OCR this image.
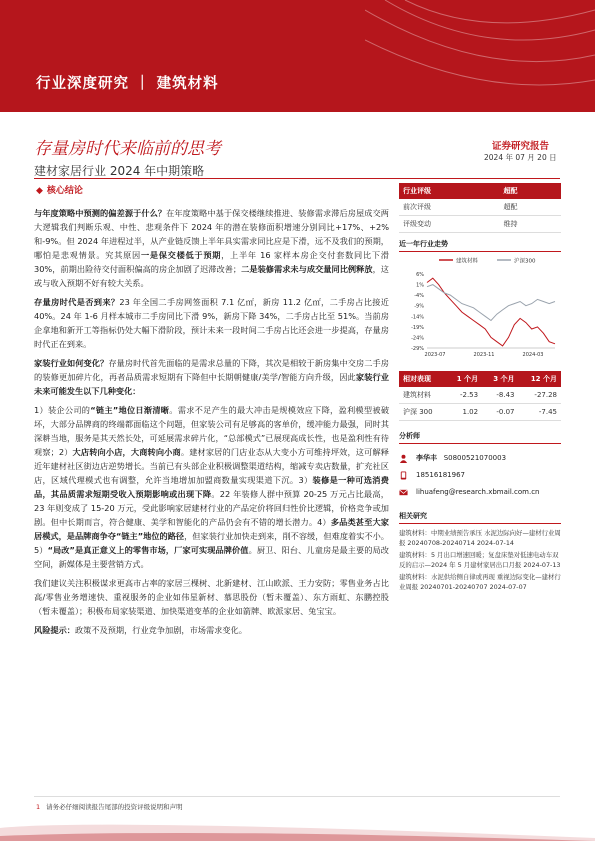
行业深度研究 ｜ 建筑材料
存量房时代来临前的思考
建材家居行业 2024 年中期策略
证券研究报告
2024 年 07 月 20 日
◆ 核心结论

与年度策略中预测的偏差源于什么？在年度策略中基于保交楼继续推进、装修需求滞后房屋成交两大逻辑我们判断乐观、中性、悲观条件下 2024 年的潜在装修面积增速分别同比+17%、+2%和-9%。但 2024 年进程过半，从产业链反馈上半年具实需求同比应是下滑，远不及我们的预期，哪怕是悲观情景。究其原因一是保交楼低于预期，上半年 16 家样本房企交付套数同比下滑 30%，前期出险待交付面积偏高的房企加剧了迟滞改善；二是装修需求未与成交量同比例释放，这或与收入预期不好有较大关系。

存量房时代是否到来？23 年全国二手房网签面积 7.1 亿㎡，新房 11.2 亿㎡，二手房占比接近 40%。24 年 1-6 月样本城市二手房同比下滑 9%，新房下降 34%，二手房占比至 51%。当前房企拿地和新开工等指标仍处大幅下滑阶段，预计未来一段时间二手房占比还会进一步提高，存量房时代正在到来。

家装行业如何变化？存量房时代首先面临的是需求总量的下降，其次是相较于新房集中交房二手房的装修更加碎片化，再者品质需求短期有下降但中长期朝健康/美学/智能方向升级，因此家装行业未来可能发生以下几种变化：

1）装企公司的“链主”地位日渐清晰。需求不足产生的最大冲击是规模效应下降，盈利模型被破坏，大部分品牌商的终端都面临这个问题，但家装公司有足够高的客单价，缓冲能力最强，同时其深耕当地，服务是其天然长处，可延展需求碎片化，“总部模式”已展现高成长性，也是盈利性有待观察；2）大店转向小店，大商转向小商。建材家居的门店业态从大变小方可维持坪效，这可解释近年建材社区街边店逆势增长。当前已有头部企业积极调整渠道结构，缩减专卖店数量，扩充社区店，区域代理模式也有调整，允许当地增加加盟商数量实现渠道下沉。3）装修是一种可选消费品，其品质需求短期受收入预期影响或出现下降。22 年装修人群中预算 20-25 万元占比最高，23 年则变成了 15-20 万元，受此影响家居建材行业的产品定价将回归性价比逻辑，价格竞争或加剧。但中长期而言，符合健康、美学和智能化的产品仍会有不错的增长潜力。4）多品类甚至大家居模式，是品牌商争夺“链主”地位的路径，但家装行业加快走到来，削不容缓，但难度着实不小。5）“局改”是真正意义上的零售市场，厂家可实现品牌价值。厨卫、阳台、儿童房是最主要的局改空间，新媒体是主要营销方式。

我们建议关注积极谋求更高市占率的家居三棵树、北新建材、江山欧派、王力安防；零售业务占比高/零售业务增速快、重视服务的企业如伟星新材、慕思股份（暂未覆盖）、东方雨虹、东鹏控股（暂未覆盖）；积极布局家装渠道、加快渠道变革的企业如箭牌、欧派家居、兔宝宝。

风险提示：政策不及预期，行业竞争加剧，市场需求变化。

行业评级	超配
前次评级	超配
评级变动	维持
近一年行业走势
建筑材料	沪深300
6%
1%
-4%
-9%
-14%
-19%
-24%
-29%
2023-07	2023-11	2024-03
相对表现	1 个月	3 个月	12 个月
建筑材料	-2.53	-8.43	-27.28
沪深 300	1.02	-0.07	-7.45
分析师
李华丰 S0800521070003
18516181967
lihuafeng@research.xbmail.com.cn
相关研究
建筑材料：中期业绩预告承压 水泥边际向好—建材行业周报 20240708-20240714 2024-07-14
建筑材料：5 月出口增速回暖；复盘床垫对低速电动车双反的启示—2024 年 5 月建材家居出口月报 2024-07-13
建筑材料：水泥供给侧自律或再现 重视边际变化—建材行业周报 20240701-20240707 2024-07-07
1 请务必仔细阅读报告尾部的投资评级说明和声明
